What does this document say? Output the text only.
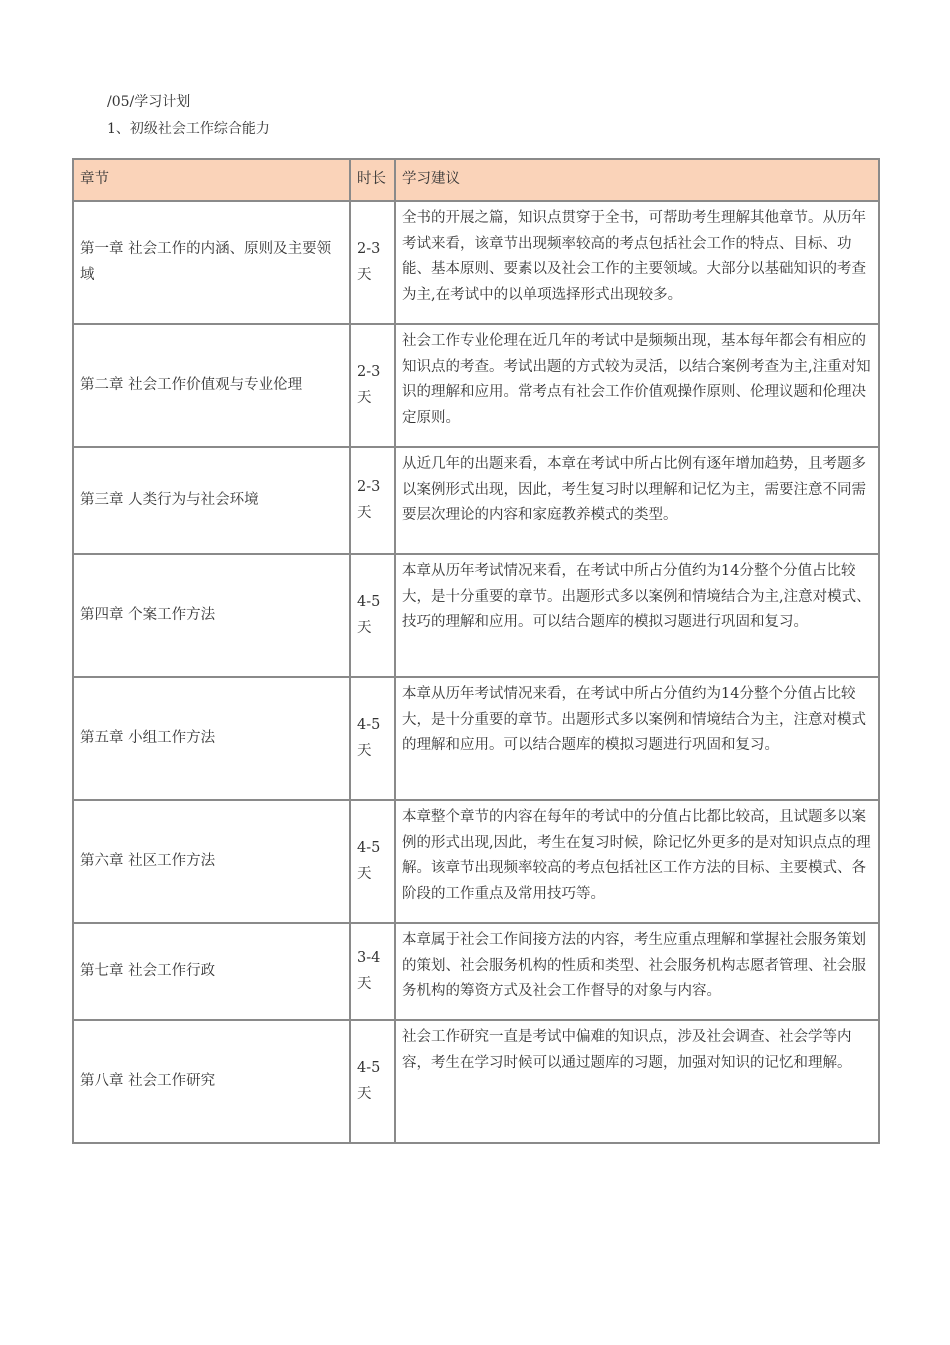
/05/学习计划
1、初级社会工作综合能力
章节	时长	学习建议
第一章 社会工作的内涵、原则及主要领域	2-3天	全书的开展之篇，知识点贯穿于全书，可帮助考生理解其他章节。从历年考试来看，该章节出现频率较高的考点包括社会工作的特点、目标、功能、基本原则、要素以及社会工作的主要领域。大部分以基础知识的考查为主,在考试中的以单项选择形式出现较多。
第二章 社会工作价值观与专业伦理	2-3天	社会工作专业伦理在近几年的考试中是频频出现，基本每年都会有相应的知识点的考查。考试出题的方式较为灵活，以结合案例考查为主,注重对知识的理解和应用。常考点有社会工作价值观操作原则、伦理议题和伦理决定原则。
第三章 人类行为与社会环境	2-3天	从近几年的出题来看，本章在考试中所占比例有逐年增加趋势，且考题多以案例形式出现，因此，考生复习时以理解和记忆为主，需要注意不同需要层次理论的内容和家庭教养模式的类型。
第四章 个案工作方法	4-5天	本章从历年考试情况来看，在考试中所占分值约为14分整个分值占比较大，是十分重要的章节。出题形式多以案例和情境结合为主,注意对模式、技巧的理解和应用。可以结合题库的模拟习题进行巩固和复习。
第五章 小组工作方法	4-5天	本章从历年考试情况来看，在考试中所占分值约为14分整个分值占比较大，是十分重要的章节。出题形式多以案例和情境结合为主，注意对模式的理解和应用。可以结合题库的模拟习题进行巩固和复习。
第六章 社区工作方法	4-5天	本章整个章节的内容在每年的考试中的分值占比都比较高，且试题多以案例的形式出现,因此，考生在复习时候，除记忆外更多的是对知识点点的理解。该章节出现频率较高的考点包括社区工作方法的目标、主要模式、各阶段的工作重点及常用技巧等。
第七章 社会工作行政	3-4天	本章属于社会工作间接方法的内容，考生应重点理解和掌握社会服务策划的策划、社会服务机构的性质和类型、社会服务机构志愿者管理、社会服务机构的筹资方式及社会工作督导的对象与内容。
第八章 社会工作研究	4-5天	社会工作研究一直是考试中偏难的知识点，涉及社会调查、社会学等内容，考生在学习时候可以通过题库的习题，加强对知识的记忆和理解。
